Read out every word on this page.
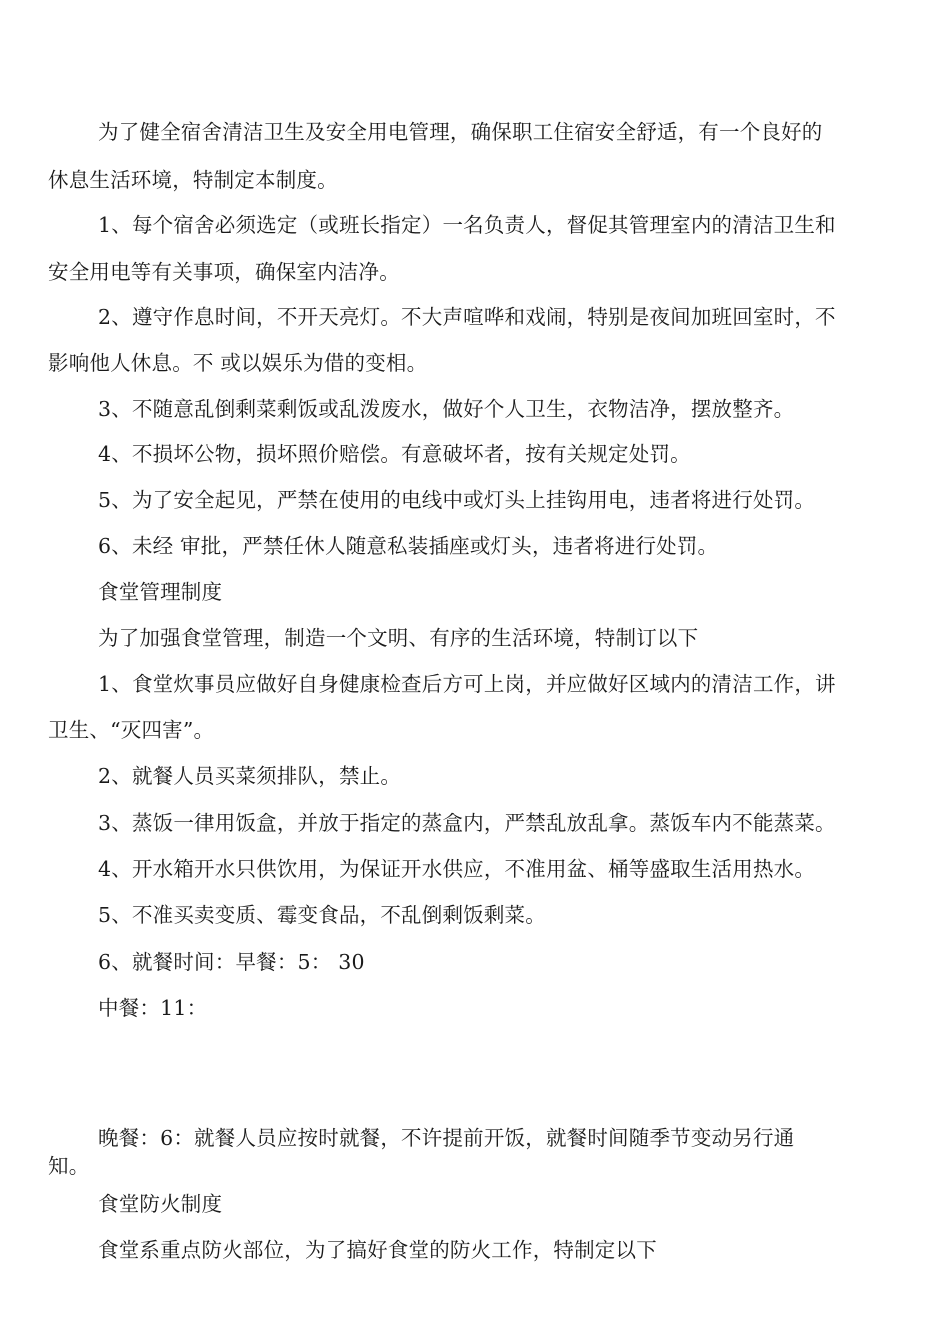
为了健全宿舍清洁卫生及安全用电管理，确保职工住宿安全舒适，有一个良好的
休息生活环境，特制定本制度。
1、每个宿舍必须选定（或班长指定）一名负责人，督促其管理室内的清洁卫生和
安全用电等有关事项，确保室内洁净。
2、遵守作息时间，不开天亮灯。不大声喧哗和戏闹，特别是夜间加班回室时，不
影响他人休息。不 或以娱乐为借的变相。
3、不随意乱倒剩菜剩饭或乱泼废水，做好个人卫生，衣物洁净，摆放整齐。
4、不损坏公物，损坏照价赔偿。有意破坏者，按有关规定处罚。
5、为了安全起见，严禁在使用的电线中或灯头上挂钩用电，违者将进行处罚。
6、未经 审批，严禁任休人随意私装插座或灯头，违者将进行处罚。
食堂管理制度
为了加强食堂管理，制造一个文明、有序的生活环境，特制订以下
1、食堂炊事员应做好自身健康检查后方可上岗，并应做好区域内的清洁工作，讲
卫生、“灭四害”。
2、就餐人员买菜须排队，禁止。
3、蒸饭一律用饭盒，并放于指定的蒸盒内，严禁乱放乱拿。蒸饭车内不能蒸菜。
4、开水箱开水只供饮用，为保证开水供应，不准用盆、桶等盛取生活用热水。
5、不准买卖变质、霉变食品，不乱倒剩饭剩菜。
6、就餐时间：早餐：5： 30
中餐：11：
晚餐：6：就餐人员应按时就餐，不许提前开饭，就餐时间随季节变动另行通
知。
食堂防火制度
食堂系重点防火部位，为了搞好食堂的防火工作，特制定以下
